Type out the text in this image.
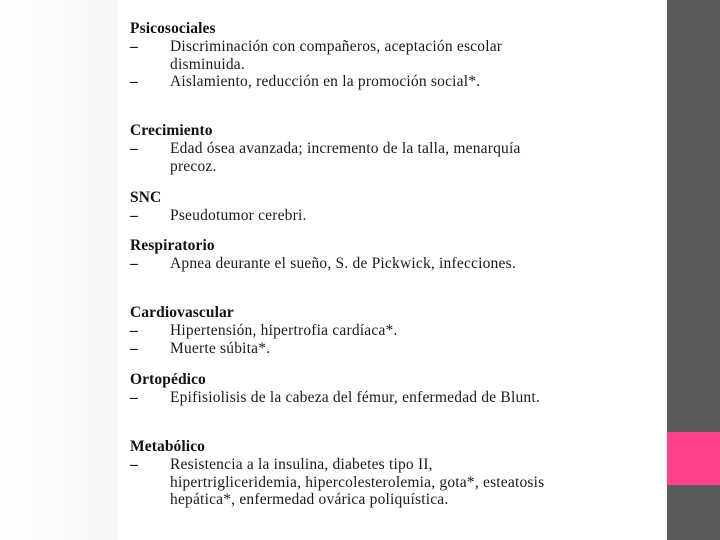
Psicosociales
– Discriminación con compañeros, aceptación escolar disminuida.
– Aislamiento, reducción en la promoción social*.
Crecimiento
– Edad ósea avanzada; incremento de la talla, menarquía precoz.
SNC
– Pseudotumor cerebri.
Respiratorio
– Apnea deurante el sueño, S. de Pickwick, infecciones.
Cardiovascular
– Hipertensión, hipertrofia cardíaca*.
– Muerte súbita*.
Ortopédico
– Epifisiolisis de la cabeza del fémur, enfermedad de Blunt.
Metabólico
– Resistencia a la insulina, diabetes tipo II, hipertrigliceridemia, hipercolesterolemia, gota*, esteatosis hepática*, enfermedad ovárica poliquística.
